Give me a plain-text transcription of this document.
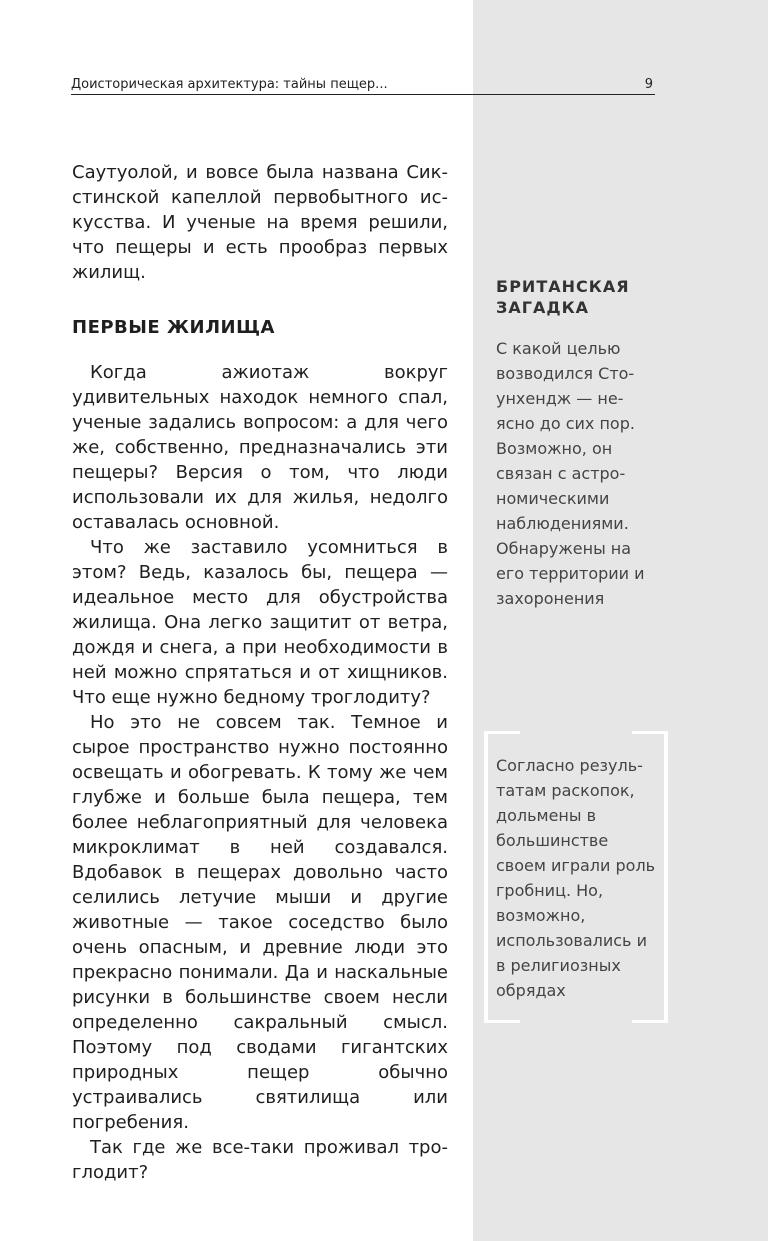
Доисторическая архитектура: тайны пещер...	9

Саутуолой, и вовсе была названа Сикстинской капеллой первобытного искусства. И ученые на время решили, что пещеры и есть прообраз первых жилищ.

ПЕРВЫЕ ЖИЛИЩА

Когда ажиотаж вокруг удивительных находок немного спал, ученые задались вопросом: а для чего же, собственно, предназначались эти пещеры? Версия о том, что люди использовали их для жилья, недолго оставалась основной.

Что же заставило усомниться в этом? Ведь, казалось бы, пещера — идеальное место для обустройства жилища. Она легко защитит от ветра, дождя и снега, а при необходимости в ней можно спрятаться и от хищников. Что еще нужно бедному троглодиту?

Но это не совсем так. Темное и сырое пространство нужно постоянно освещать и обогревать. К тому же чем глубже и больше была пещера, тем более неблагоприятный для человека микроклимат в ней создавался. Вдобавок в пещерах довольно часто селились летучие мыши и другие животные — такое соседство было очень опасным, и древние люди это прекрасно понимали. Да и наскальные рисунки в большинстве своем несли определенно сакральный смысл. Поэтому под сводами гигантских природных пещер обычно устраивались святилища или погребения.

Так где же все-таки проживал троглодит?

БРИТАНСКАЯ ЗАГАДКА

С какой целью возводился Стоунхендж — неясно до сих пор. Возможно, он связан с астрономическими наблюдениями. Обнаружены на его территории и захоронения

Согласно результатам раскопок, дольмены в большинстве своем играли роль гробниц. Но, возможно, использовались и в религиозных обрядах
